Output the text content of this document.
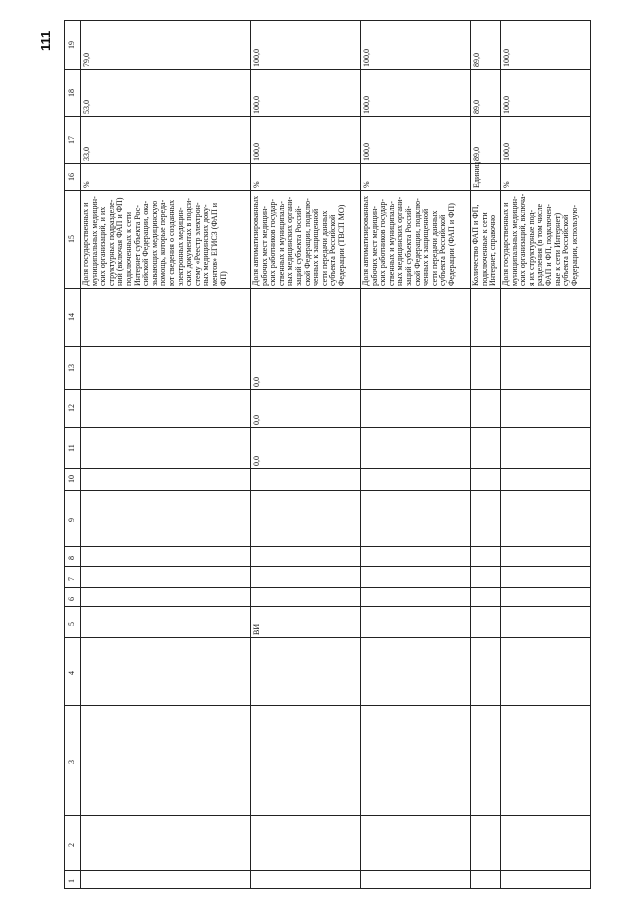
111
1
2
3
4
5
6
7
8
9
10
11
12
13
14
15
16
17
18
19
Доля государственных и
муниципальных медицин-
ских организаций, и их
структурных подразделе-
ний (включая ФАП и ФП)
подключенных к сети
Интернет субъекта Рос-
сийской Федерации, ока-
зывающих медицинскую
помощь, которые переда-
ют сведения о созданных
электронных медицин-
ских документах в подси-
стему «Реестр электрон-
ных медицинских доку-
ментов» ЕГИСЗ (ФАП и
ФП)
%
33,0
53,0
79,0
Доля автоматизированных
рабочих мест медицин-
ских работников государ-
ственных и муниципаль-
ных медицинских органи-
заций субъекта Россий-
ской Федерации, подклю-
ченных к защищенной
сети передачи данных
субъекта Российской
Федерации (ТВСП МО)
%
100,0
100,0
100,0
ВИ
0,0
0,0
0,0
Доля автоматизированных
рабочих мест медицин-
ских работников государ-
ственных и муниципаль-
ных медицинских органи-
заций субъекта Россий-
ской Федерации, подклю-
ченных к защищенной
сети передачи данных
субъекта Российской
Федерации (ФАП и ФП)
%
100,0
100,0
100,0
Количество ФАП и ФП,
подключенные к сети
Интернет, справочно
Единиц
89,0
89,0
89,0
Доля государственных и
муниципальных медицин-
ских организаций, включа-
я их структурные под-
разделения (в том числе
ФАП и ФП, подключен-
ные к сети Интернет)
субъекта Российской
Федерации, использую-
%
100,0
100,0
100,0
